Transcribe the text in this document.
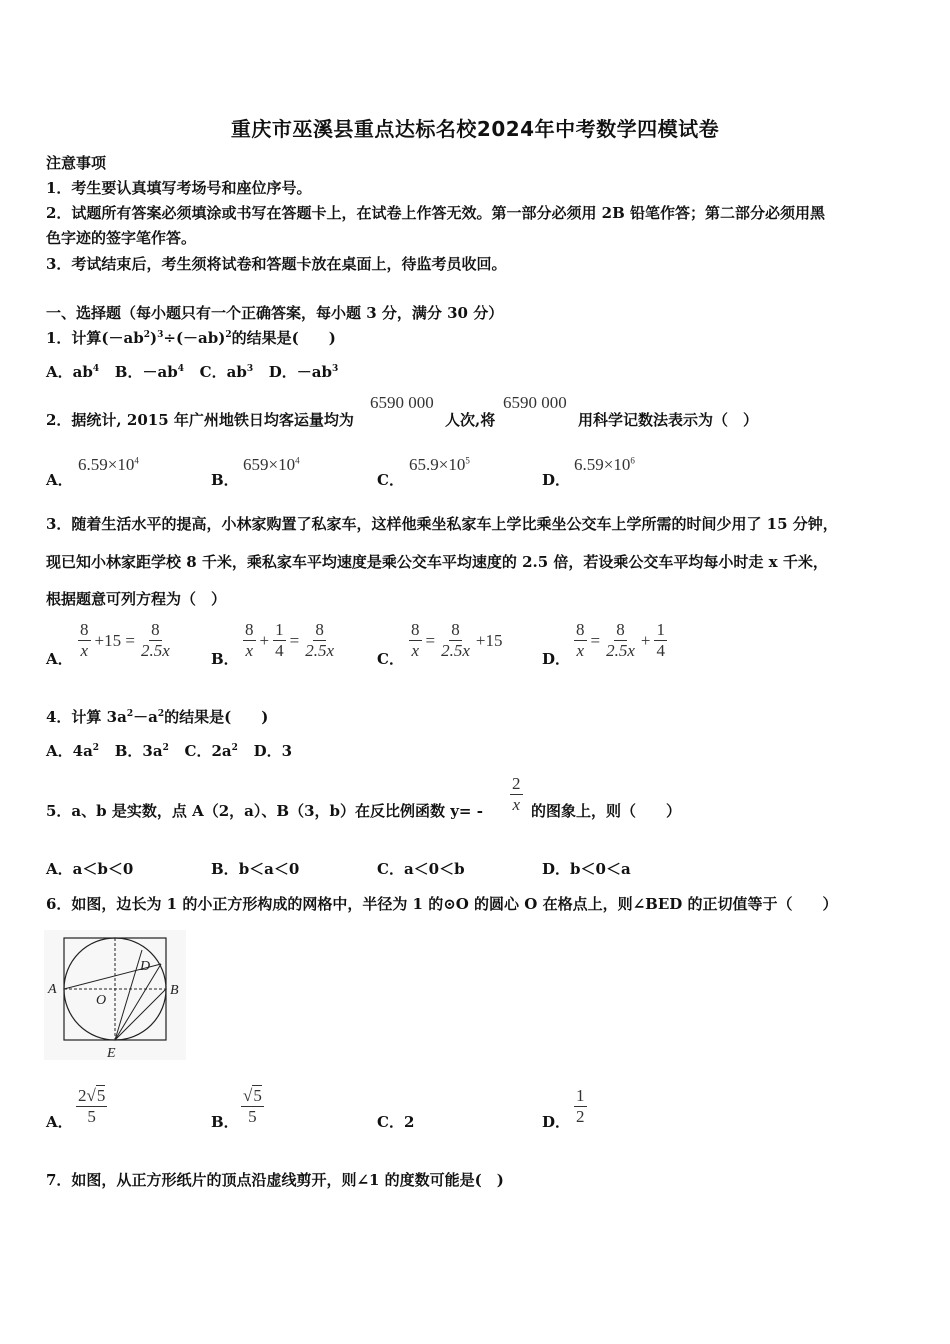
重庆市巫溪县重点达标名校2024年中考数学四模试卷
注意事项
1．考生要认真填写考场号和座位序号。
2．试题所有答案必须填涂或书写在答题卡上，在试卷上作答无效。第一部分必须用 2B 铅笔作答；第二部分必须用黑
色字迹的签字笔作答。
3．考试结束后，考生须将试卷和答题卡放在桌面上，待监考员收回。
一、选择题（每小题只有一个正确答案，每小题 3 分，满分 30 分）
1．计算$(-ab^2)^3\div(-ab)^2$的结果是(　　)
A．$ab^4$ B．$-ab^4$ C．$ab^3$ D．$-ab^3$
2．据统计, 2015 年广州地铁日均客运量均为
6590 000
人次,将
6590 000
用科学记数法表示为（　）
A．
$6.59\times 10^4$
B．
$659\times 10^4$
C．
$65.9\times 10^5$
D．
$6.59\times 10^6$
3．随着生活水平的提高，小林家购置了私家车，这样他乘坐私家车上学比乘坐公交车上学所需的时间少用了 15 分钟，
现已知小林家距学校 8 千米，乘私家车平均速度是乘公交车平均速度的 2.5 倍，若设乘公交车平均每小时走 x 千米，
根据题意可列方程为（　）
A． $\frac{8}{x} +15 = \frac{8}{2.5x}$	B． $\frac{8}{x} + \frac{1}{4} = \frac{8}{2.5x}$	C． $\frac{8}{x} = \frac{8}{2.5x} +15$
D． $\frac{8}{x} = \frac{8}{2.5x} + \frac{1}{4}$
4．计算 $3a^2-a^2$的结果是(　　)
A．$4a^2$ B．$3a^2$ C．$2a^2$ D．3
5．a、b 是实数，点 A（2，a）、B（3，b）在反比例函数 $y= - \frac{2}{x}$ 的图象上，则（　　）
A．a＜b＜0	B．b＜a＜0	C．a＜0＜b	D．b＜0＜a
6．如图，边长为 1 的小正方形构成的网格中，半径为 1 的⊙O 的圆心 O 在格点上，则∠BED 的正切值等于（　　）
A	B
D
O
E
A． $\frac{2√5}{5}$	B． $\frac{√5}{5}$	C．2	D． $\frac{1}{2}$
7．如图，从正方形纸片的顶点沿虚线剪开，则∠1 的度数可能是(　)
